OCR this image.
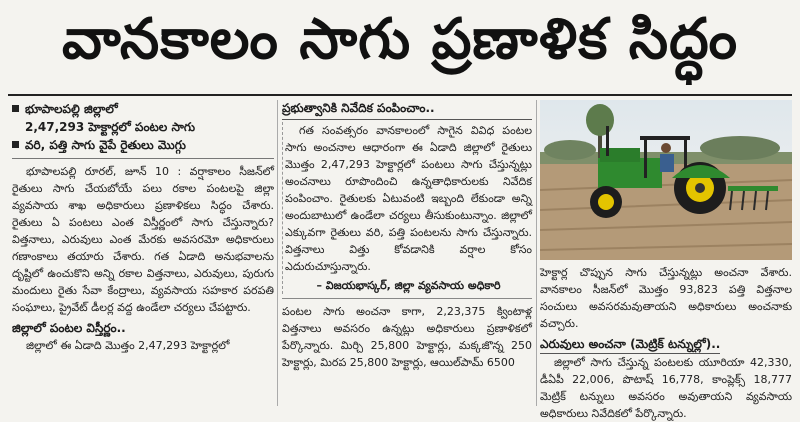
వానకాలం సాగు ప్రణాళిక సిద్ధం
భూపాలపల్లి జిల్లాలో
2,47,293 హెక్టార్లలో పంటల సాగు
వరి, పత్తి సాగు వైపే రైతులు మొగ్గు

భూపాలపల్లి రూరల్, జూన్ 10 : వర్షాకాలం సీజన్‌లో రైతులు సాగు చేయబోయే పలు రకాల పంటలపై జిల్లా వ్యవసాయ శాఖ అధికారులు ప్రణాళికలు సిద్ధం చేశారు. రైతులు ఏ పంటలు ఎంత విస్తీర్ణంలో సాగు చేస్తున్నారు? విత్తనాలు, ఎరువులు ఎంత మేరకు అవసరమో అధికారులు గణాంకాలు తయారు చేశారు. గత ఏడాది అనుభవాలను దృష్టిలో ఉంచుకొని అన్ని రకాల విత్తనాలు, ఎరువులు, పురుగు మందులు రైతు సేవా కేంద్రాలు, వ్యవసాయ సహకార పరపతి సంఘాలు, ప్రైవేట్ డీలర్ల వద్ద ఉండేలా చర్యలు చేపట్టారు.

జిల్లాలో పంటల విస్తీర్ణం..

జిల్లాలో ఈ ఏడాది మొత్తం 2,47,293 హెక్టార్లలో

ప్రభుత్వానికి నివేదిక పంపించాం..

గత సంవత్సరం వానకాలంలో సాగైన వివిధ పంటల సాగు అంచనాల ఆధారంగా ఈ ఏడాది జిల్లాలో రైతులు మొత్తం 2,47,293 హెక్టార్లలో పంటలు సాగు చేస్తున్నట్లు అంచనాలు రూపొందించి ఉన్నతాధికారులకు నివేదిక పంపించాం. రైతులకు ఏటువంటి ఇబ్బంది లేకుండా అన్ని అందుబాటులో ఉండేలా చర్యలు తీసుకుంటున్నాం. జిల్లాలో ఎక్కువగా రైతులు వరి, పత్తి పంటలను సాగు చేస్తున్నారు. విత్తనాలు విత్తు కోవడానికి వర్షాల కోసం ఎదురుచూస్తున్నారు.

– విజయభాస్కర్, జిల్లా వ్యవసాయ అధికారి

పంటల సాగు అంచనా కాగా, 2,23,375 క్వింటాళ్ల విత్తనాలు అవసరం ఉన్నట్లు అధికారులు ప్రణాళికలో పేర్కొన్నారు. మిర్చి 25,800 హెక్టార్లు, మక్కజొన్న 250 హెక్టార్లు, మిరప 25,800 హెక్టార్లు, ఆయిల్‌పామ్ 6500

హెక్టార్ల చొప్పున సాగు చేస్తున్నట్లు అంచనా వేశారు. వానకాలం సీజన్‌లో మొత్తం 93,823 పత్తి విత్తనాల సంచులు అవసరమవుతాయని అధికారులు అంచనాకు వచ్చారు.

ఎరువులు అంచనా (మెట్రిక్ టన్నుల్లో)..

జిల్లాలో సాగు చేస్తున్న పంటలకు యూరియా 42,330, డీఏపీ 22,006, పొటాష్ 16,778, కాంప్లెక్స్ 18,777 మెట్రిక్ టన్నులు అవసరం అవుతాయని వ్యవసాయ అధికారులు నివేదికలో పేర్కొన్నారు.
